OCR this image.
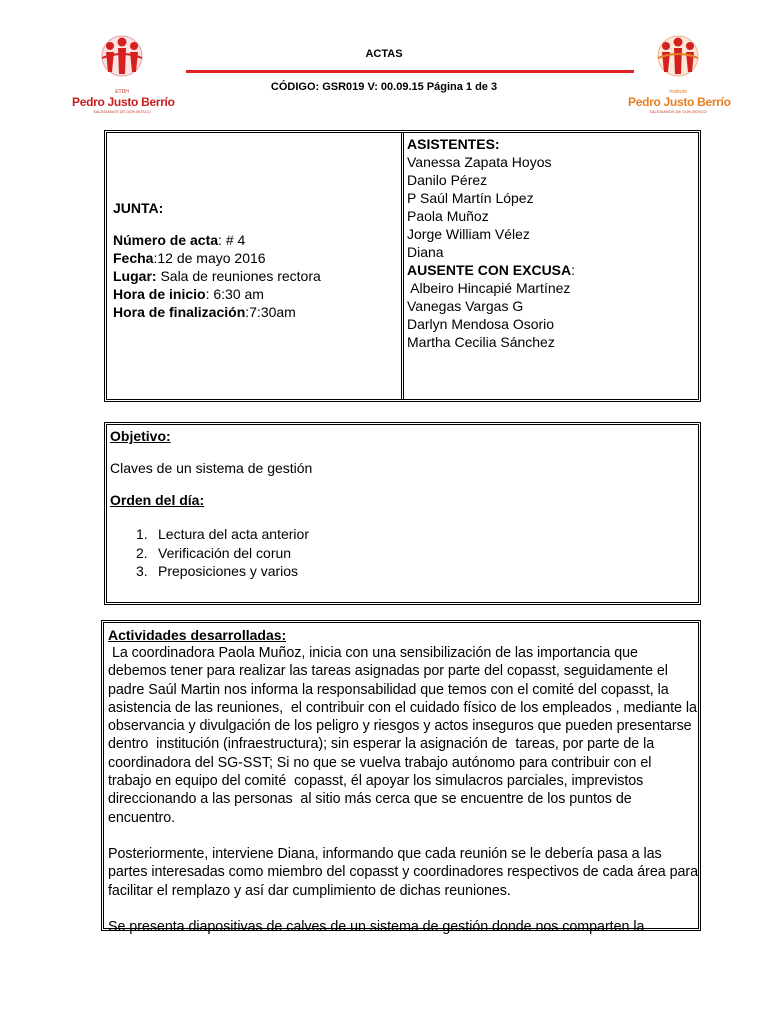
ETDH
Pedro Justo Berrío
SALESIANOS DE DON BOSCO
Instituto
Pedro Justo Berrío
SALESIANOS DE DON BOSCO
ACTAS
CÓDIGO: GSR019 V: 00.09.15 Página 1 de 3
JUNTA:
Número de acta: # 4
Fecha:12 de mayo 2016
Lugar: Sala de reuniones rectora
Hora de inicio: 6:30 am
Hora de finalización:7:30am
ASISTENTES:
Vanessa Zapata Hoyos
Danilo Pérez
P Saúl Martín López
Paola Muñoz
Jorge William Vélez
Diana
AUSENTE CON EXCUSA:
Albeiro Hincapié Martínez
Vanegas Vargas G
Darlyn Mendosa Osorio
Martha Cecilia Sánchez
Objetivo:
Claves de un sistema de gestión
Orden del día:
1. Lectura del acta anterior
2. Verificación del corun
3. Preposiciones y varios
Actividades desarrolladas:

La coordinadora Paola Muñoz, inicia con una sensibilización de las importancia que debemos tener para realizar las tareas asignadas por parte del copasst, seguidamente el padre Saúl Martin nos informa la responsabilidad que temos con el comité del copasst, la asistencia de las reuniones,  el contribuir con el cuidado físico de los empleados , mediante la observancia y divulgación de los peligro y riesgos y actos inseguros que pueden presentarse dentro  institución (infraestructura); sin esperar la asignación de  tareas, por parte de la coordinadora del SG-SST; Si no que se vuelva trabajo autónomo para contribuir con el trabajo en equipo del comité  copasst, él apoyar los simulacros parciales, imprevistos direccionando a las personas  al sitio más cerca que se encuentre de los puntos de encuentro.

Posteriormente, interviene Diana, informando que cada reunión se le debería pasa a las partes interesadas como miembro del copasst y coordinadores respectivos de cada área para facilitar el remplazo y así dar cumplimiento de dichas reuniones.

Se presenta diapositivas de calves de un sistema de gestión donde nos comparten la
